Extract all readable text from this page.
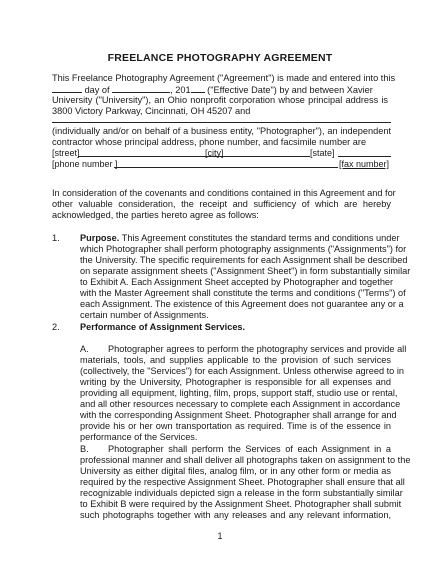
FREELANCE PHOTOGRAPHY AGREEMENT
This Freelance Photography Agreement ("Agreement") is made and entered into this
day of	, 201 ("Effective Date") by and between Xavier
University ("University"), an Ohio nonprofit corporation whose principal address is
3800 Victory Parkway, Cincinnati, OH 45207 and
(individually and/or on behalf of a business entity, "Photographer"), an independent
contractor whose principal address, phone number, and facsimile number are
[street]	[city]	[state]
[phone number ]	[fax number]
In consideration of the covenants and conditions contained in this Agreement and for
other valuable consideration, the receipt and sufficiency of which are hereby
acknowledged, the parties hereto agree as follows:
1. Purpose. This Agreement constitutes the standard terms and conditions under
which Photographer shall perform photography assignments ("Assignments") for
the University. The specific requirements for each Assignment shall be described
on separate assignment sheets ("Assignment Sheet") in form substantially similar
to Exhibit A. Each Assignment Sheet accepted by Photographer and together
with the Master Agreement shall constitute the terms and conditions ("Terms") of
each Assignment. The existence of this Agreement does not guarantee any or a
certain number of Assignments.
2. Performance of Assignment Services.
A. Photographer agrees to perform the photography services and provide all
materials, tools, and supplies applicable to the provision of such services
(collectively, the "Services") for each Assignment. Unless otherwise agreed to in
writing by the University, Photographer is responsible for all expenses and
providing all equipment, lighting, film, props, support staff, studio use or rental,
and all other resources necessary to complete each Assignment in accordance
with the corresponding Assignment Sheet. Photographer shall arrange for and
provide his or her own transportation as required. Time is of the essence in
performance of the Services.
B. Photographer shall perform the Services of each Assignment in a
professional manner and shall deliver all photographs taken on assignment to the
University as either digital files, analog film, or in any other form or media as
required by the respective Assignment Sheet. Photographer shall ensure that all
recognizable individuals depicted sign a release in the form substantially similar
to Exhibit B were required by the Assignment Sheet. Photographer shall submit
such photographs together with any releases and any relevant information,
1
